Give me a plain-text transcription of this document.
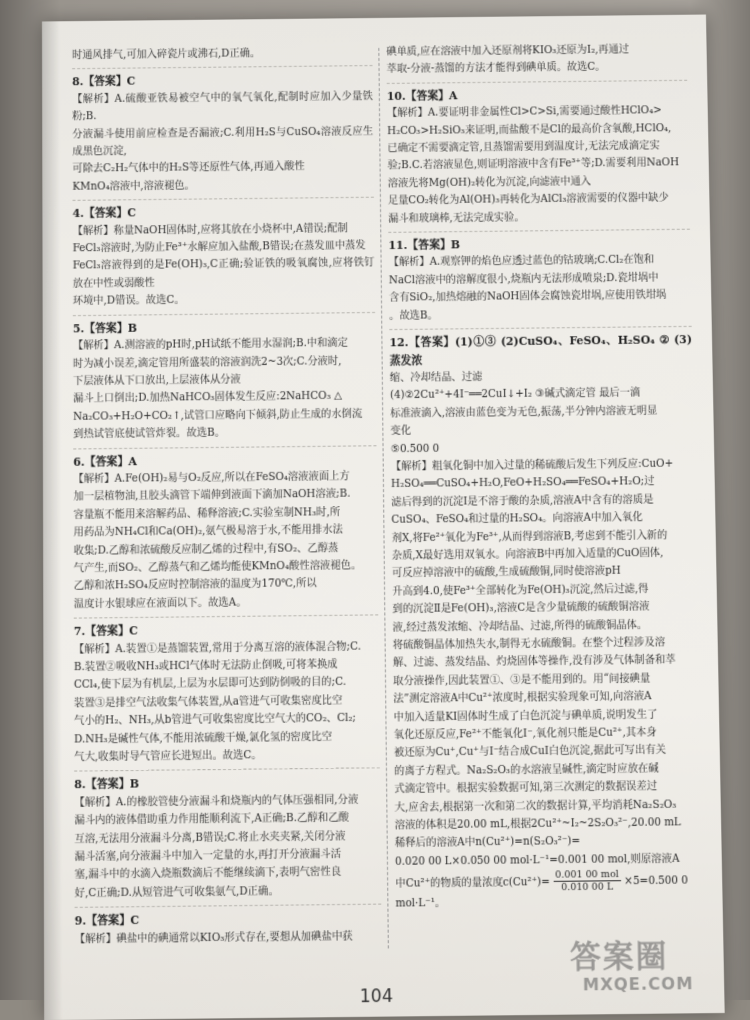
时通风排气,可加入碎瓷片或沸石,D正确。
8.【答案】C
【解析】A.硫酸亚铁易被空气中的氧气氧化,配制时应加入少量铁粉;B.
分液漏斗使用前应检查是否漏液;C.利用H₂S与CuSO₄溶液反应生成黑色沉淀,
可除去C₂H₂气体中的H₂S等还原性气体,再通入酸性
KMnO₄溶液中,溶液褪色。
4.【答案】C
【解析】称量NaOH固体时,应将其放在小烧杯中,A错误;配制
FeCl₃溶液时,为防止Fe³⁺水解应加入盐酸,B错误;在蒸发皿中蒸发
FeCl₃溶液得到的是Fe(OH)₃,C正确;验证铁的吸氧腐蚀,应将铁钉放在中性或弱酸性
环境中,D错误。故选C。
5.【答案】B
【解析】A.测溶液的pH时,pH试纸不能用水湿润;B.中和滴定
时为减小误差,滴定管用所盛装的溶液润洗2~3次;C.分液时,
下层液体从下口放出,上层液体从分液
漏斗上口倒出;D.加热NaHCO₃固体发生反应:2NaHCO₃ △
Na₂CO₃+H₂O+CO₂↑,试管口应略向下倾斜,防止生成的水倒流
到热试管底使试管炸裂。故选B。
6.【答案】A
【解析】A.Fe(OH)₂易与O₂反应,所以在FeSO₄溶液液面上方
加一层植物油,且胶头滴管下端伸到液面下滴加NaOH溶液;B.
容量瓶不能用来溶解药品、稀释溶液;C.实验室制NH₃时,所
用药品为NH₄Cl和Ca(OH)₂,氨气极易溶于水,不能用排水法
收集;D.乙醇和浓硫酸反应制乙烯的过程中,有SO₂、乙醇蒸
气产生,而SO₂、乙醇蒸气和乙烯均能使KMnO₄酸性溶液褪色。
乙醇和浓H₂SO₄反应时控制溶液的温度为170℃,所以
温度计水银球应在液面以下。故选A。
7.【答案】C
【解析】A.装置①是蒸馏装置,常用于分离互溶的液体混合物;C.
B.装置②吸收NH₃或HCl气体时无法防止倒吸,可将苯换成
CCl₄,使下层为有机层,上层为水层即可达到防倒吸的目的;C.
装置③是排空气法收集气体装置,从a管进气可收集密度比空
气小的H₂、NH₃,从b管进气可收集密度比空气大的CO₂、Cl₂;
D.NH₃是碱性气体,不能用浓硫酸干燥,氯化氢的密度比空
气大,收集时导气管应长进短出。故选C。
8.【答案】B
【解析】A.的橡胶管使分液漏斗和烧瓶内的气体压强相同,分液
漏斗内的液体借助重力作用能顺利流下,A正确;B.乙醇和乙酸
互溶,无法用分液漏斗分离,B错误;C.将止水夹夹紧,关闭分液
漏斗活塞,向分液漏斗中加入一定量的水,再打开分液漏斗活
塞,漏斗中的水滴入烧瓶数滴后不能继续滴下,表明气密性良
好,C正确;D.从短管进气可收集氨气,D正确。
9.【答案】C
【解析】碘盐中的碘通常以KIO₃形式存在,要想从加碘盐中获
碘单质,应在溶液中加入还原剂将KIO₃还原为I₂,再通过
萃取-分液-蒸馏的方法才能得到碘单质。故选C。
10.【答案】A
【解析】A.要证明非金属性Cl>C>Si,需要通过酸性HClO₄>
H₂CO₃>H₂SiO₃来证明,而盐酸不是Cl的最高价含氧酸,HClO₄,
已确定不需要滴定管,且蒸馏需要用到温度计,无法完成滴定实
验;B.C.若溶液显色,则证明溶液中含有Fe³⁺等;D.需要利用NaOH
溶液先将Mg(OH)₂转化为沉淀,向滤液中通入
足量CO₂转化为Al(OH)₃再转化为AlCl₃溶液需要的仪器中缺少
漏斗和玻璃棒,无法完成实验。
11.【答案】B
【解析】A.观察钾的焰色应透过蓝色的钴玻璃;C.Cl₂在饱和
NaCl溶液中的溶解度很小,烧瓶内无法形成喷泉;D.瓷坩埚中
含有SiO₂,加热熔融的NaOH固体会腐蚀瓷坩埚,应使用铁坩埚
。故选B。
12.【答案】(1)①③ (2)CuSO₄、FeSO₄、H₂SO₄ ② (3)蒸发浓
缩、冷却结晶、过滤
(4)②2Cu²⁺+4I⁻══2CuI↓+I₂ ③碱式滴定管 最后一滴
标准液滴入,溶液由蓝色变为无色,振荡,半分钟内溶液无明显
变化
⑤0.500 0
【解析】粗氧化铜中加入过量的稀硫酸后发生下列反应:CuO+
H₂SO₄══CuSO₄+H₂O,FeO+H₂SO₄══FeSO₄+H₂O;过
滤后得到的沉淀Ⅰ是不溶于酸的杂质,溶液A中含有的溶质是
CuSO₄、FeSO₄和过量的H₂SO₄。向溶液A中加入氧化
剂X,将Fe²⁺氧化为Fe³⁺,从而得到溶液B,考虑到不能引入新的
杂质,X最好选用双氧水。向溶液B中再加入适量的CuO固体,
可反应掉溶液中的硫酸,生成硫酸铜,同时使溶液pH
升高到4.0,使Fe³⁺全部转化为Fe(OH)₃沉淀,然后过滤,得
到的沉淀Ⅱ是Fe(OH)₃,溶液C是含少量硫酸的硫酸铜溶液
液,经过蒸发浓缩、冷却结晶、过滤,所得的硫酸铜晶体。
将硫酸铜晶体加热失水,制得无水硫酸铜。在整个过程涉及溶
解、过滤、蒸发结晶、灼烧固体等操作,没有涉及气体制备和萃
取分液操作,因此装置①、③是不能用到的。用“间接碘量
法”测定溶液A中Cu²⁺浓度时,根据实验现象可知,向溶液A
中加入适量KI固体时生成了白色沉淀与碘单质,说明发生了
氧化还原反应,Fe²⁺不能氧化I⁻,氧化剂只能是Cu²⁺,其本身
被还原为Cu⁺,Cu⁺与I⁻结合成CuI白色沉淀,据此可写出有关
的离子方程式。Na₂S₂O₃的水溶液呈碱性,滴定时应放在碱
式滴定管中。根据实验数据可知,第三次测定的数据误差过
大,应舍去,根据第一次和第二次的数据计算,平均消耗Na₂S₂O₃
溶液的体积是20.00 mL,根据2Cu²⁺~I₂~2S₂O₃²⁻,20.00 mL
稀释后的溶液A中n(Cu²⁺)=n(S₂O₃²⁻)=
0.020 00 L×0.050 00 mol·L⁻¹=0.001 00 mol,则原溶液A
中Cu²⁺的物质的量浓度$c(Cu^{2+})= \frac{\text{0.001 00 mol}}{0.010 00 L} \times 5=0.500$ 0
mol·L⁻¹。
104
答案圈
MXQE.COM
